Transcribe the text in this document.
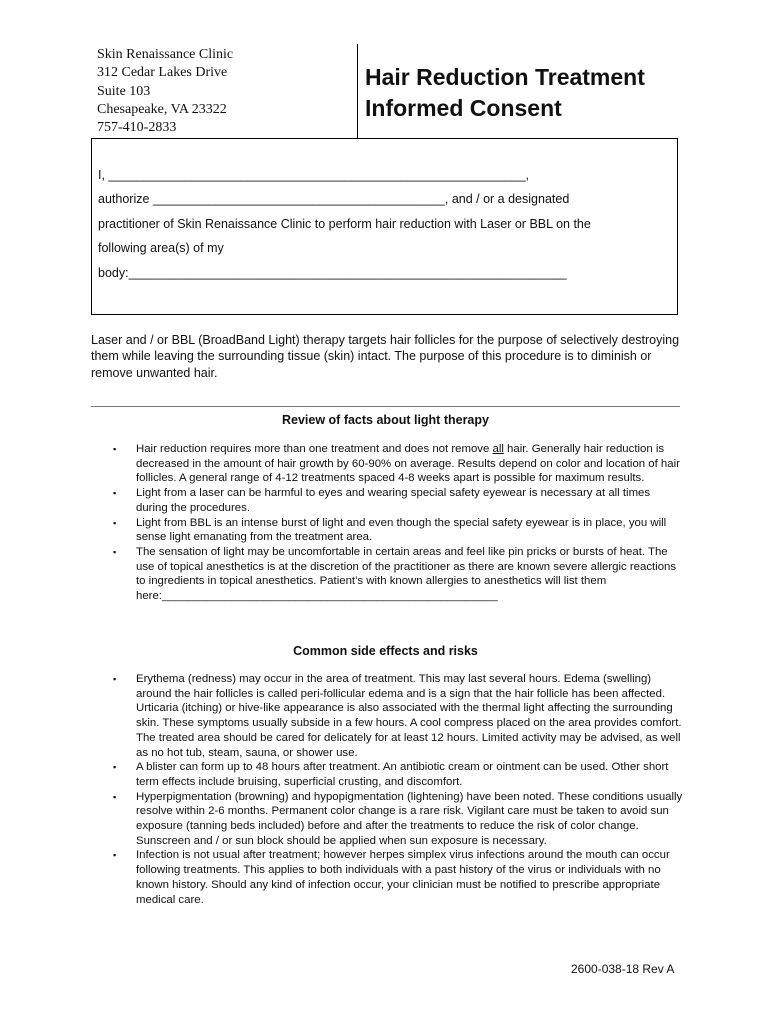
Skin Renaissance Clinic
312 Cedar Lakes Drive
Suite 103
Chesapeake, VA 23322
757-410-2833
Hair Reduction Treatment
Informed Consent

I, ____________________________________________________________,

authorize __________________________________________, and / or a designated

practitioner of Skin Renaissance Clinic to perform hair reduction with Laser or BBL on the

following area(s) of my

body:_______________________________________________________________

Laser and / or BBL (BroadBand Light) therapy targets hair follicles for the purpose of selectively destroying them while leaving the surrounding tissue (skin) intact. The purpose of this procedure is to diminish or remove unwanted hair.
Review of facts about light therapy
▪ Hair reduction requires more than one treatment and does not remove all hair. Generally hair reduction is decreased in the amount of hair growth by 60-90% on average. Results depend on color and location of hair follicles. A general range of 4-12 treatments spaced 4-8 weeks apart is possible for maximum results.
▪ Light from a laser can be harmful to eyes and wearing special safety eyewear is necessary at all times during the procedures.
▪ Light from BBL is an intense burst of light and even though the special safety eyewear is in place, you will sense light emanating from the treatment area.
▪ The sensation of light may be uncomfortable in certain areas and feel like pin pricks or bursts of heat. The use of topical anesthetics is at the discretion of the practitioner as there are known severe allergic reactions to ingredients in topical anesthetics. Patient’s with known allergies to anesthetics will list them here:_____________________________________________________
Common side effects and risks
▪ Erythema (redness) may occur in the area of treatment. This may last several hours. Edema (swelling) around the hair follicles is called peri-follicular edema and is a sign that the hair follicle has been affected. Urticaria (itching) or hive-like appearance is also associated with the thermal light affecting the surrounding skin. These symptoms usually subside in a few hours. A cool compress placed on the area provides comfort. The treated area should be cared for delicately for at least 12 hours. Limited activity may be advised, as well as no hot tub, steam, sauna, or shower use.
▪ A blister can form up to 48 hours after treatment. An antibiotic cream or ointment can be used. Other short term effects include bruising, superficial crusting, and discomfort.
▪ Hyperpigmentation (browning) and hypopigmentation (lightening) have been noted. These conditions usually resolve within 2-6 months. Permanent color change is a rare risk. Vigilant care must be taken to avoid sun exposure (tanning beds included) before and after the treatments to reduce the risk of color change. Sunscreen and / or sun block should be applied when sun exposure is necessary.
▪ Infection is not usual after treatment; however herpes simplex virus infections around the mouth can occur following treatments. This applies to both individuals with a past history of the virus or individuals with no known history. Should any kind of infection occur, your clinician must be notified to prescribe appropriate medical care.
2600-038-18 Rev A
